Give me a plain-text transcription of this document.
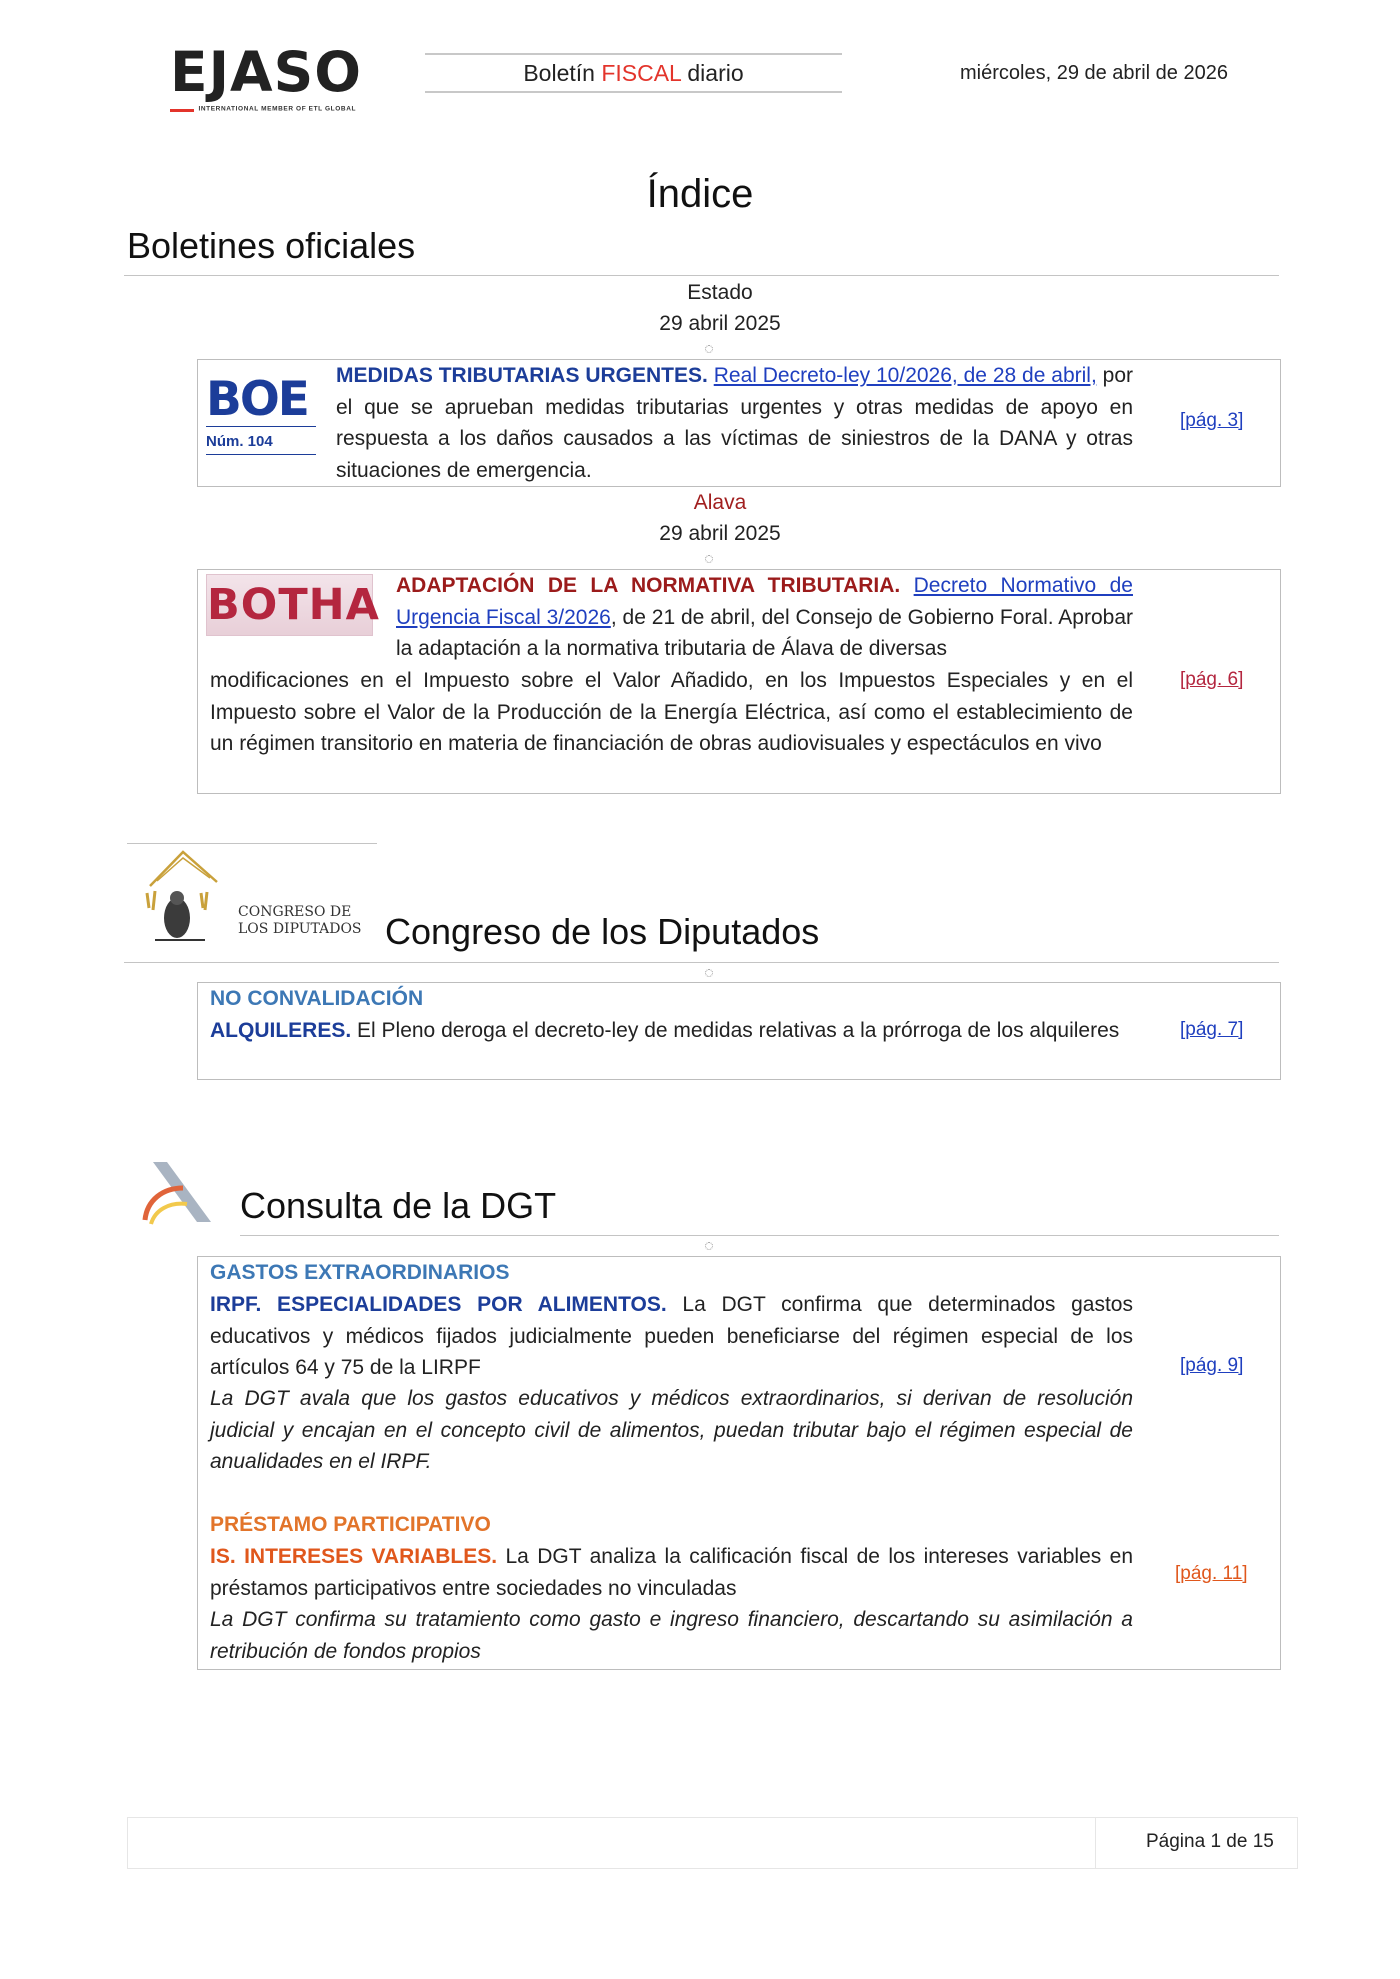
EJASO
INTERNATIONAL MEMBER OF ETL GLOBAL
Boletín FISCAL diario	miércoles, 29 de abril de 2026
Índice
Boletines oficiales
Estado
29 abril 2025
BOE
Núm. 104
MEDIDAS TRIBUTARIAS URGENTES. Real Decreto-ley 10/2026, de 28 de abril, por el que se aprueban medidas tributarias urgentes y otras medidas de apoyo en respuesta a los daños causados a las víctimas de siniestros de la DANA y otras situaciones de emergencia.
[pág. 3]
Alava
29 abril 2025
BOTHA ADAPTACIÓN DE LA NORMATIVA TRIBUTARIA. Decreto Normativo de Urgencia Fiscal 3/2026, de 21 de abril, del Consejo de Gobierno Foral. Aprobar la adaptación a la normativa tributaria de Álava de diversas
modificaciones en el Impuesto sobre el Valor Añadido, en los Impuestos Especiales y en el Impuesto sobre el Valor de la Producción de la Energía Eléctrica, así como el establecimiento de un régimen transitorio en materia de financiación de obras audiovisuales y espectáculos en vivo
[pág. 6]
CONGRESO DE
LOS DIPUTADOS Congreso de los Diputados
NO CONVALIDACIÓN
ALQUILERES. El Pleno deroga el decreto-ley de medidas relativas a la prórroga de los alquileres	[pág. 7]
Consulta de la DGT
GASTOS EXTRAORDINARIOS
IRPF. ESPECIALIDADES POR ALIMENTOS. La DGT confirma que determinados gastos educativos y médicos fijados judicialmente pueden beneficiarse del régimen especial de los artículos 64 y 75 de la LIRPF
La DGT avala que los gastos educativos y médicos extraordinarios, si derivan de resolución judicial y encajan en el concepto civil de alimentos, puedan tributar bajo el régimen especial de anualidades en el IRPF.
[pág. 9]
PRÉSTAMO PARTICIPATIVO
IS. INTERESES VARIABLES. La DGT analiza la calificación fiscal de los intereses variables en préstamos participativos entre sociedades no vinculadas
La DGT confirma su tratamiento como gasto e ingreso financiero, descartando su asimilación a retribución de fondos propios
[pág. 11]
Página 1 de 15
